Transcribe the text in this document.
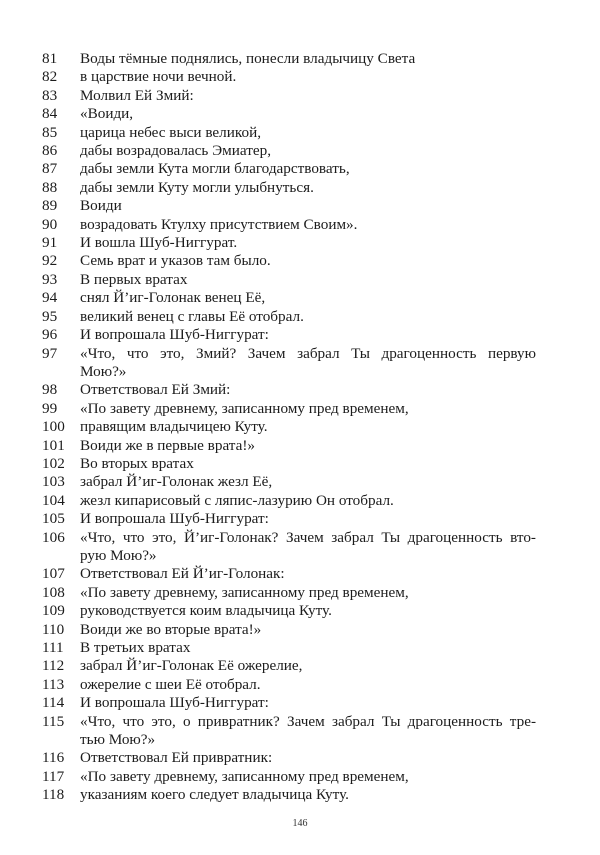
81	Воды тёмные поднялись, понесли владычицу Света
82	в царствие ночи вечной.
83	Молвил Ей Змий:
84	«Воиди,
85	царица небес выси великой,
86	дабы возрадовалась Эмиатер,
87	дабы земли Кута могли благодарствовать,
88	дабы земли Куту могли улыбнуться.
89	Воиди
90	возрадовать Ктулху присутствием Своим».
91	И вошла Шуб-Ниггурат.
92	Семь врат и указов там было.
93	В первых вратах
94	снял Й’иг-Голонак венец Её,
95	великий венец с главы Её отобрал.
96	И вопрошала Шуб-Ниггурат:
97	«Что, что это, Змий? Зачем забрал Ты драгоценность первую
Мою?»
98	Ответствовал Ей Змий:
99	«По завету древнему, записанному пред временем,
100	правящим владычицею Куту.
101	Воиди же в первые врата!»
102	Во вторых вратах
103	забрал Й’иг-Голонак жезл Её,
104	жезл кипарисовый с ляпис-лазурию Он отобрал.
105	И вопрошала Шуб-Ниггурат:
106	«Что, что это, Й’иг-Голонак? Зачем забрал Ты драгоценность вто-
рую Мою?»
107	Ответствовал Ей Й’иг-Голонак:
108	«По завету древнему, записанному пред временем,
109	руководствуется коим владычица Куту.
110	Воиди же во вторые врата!»
111	В третьих вратах
112	забрал Й’иг-Голонак Её ожерелие,
113	ожерелие с шеи Её отобрал.
114	И вопрошала Шуб-Ниггурат:
115	«Что, что это, о привратник? Зачем забрал Ты драгоценность тре-
тью Мою?»
116	Ответствовал Ей привратник:
117	«По завету древнему, записанному пред временем,
118	указаниям коего следует владычица Куту.
146
